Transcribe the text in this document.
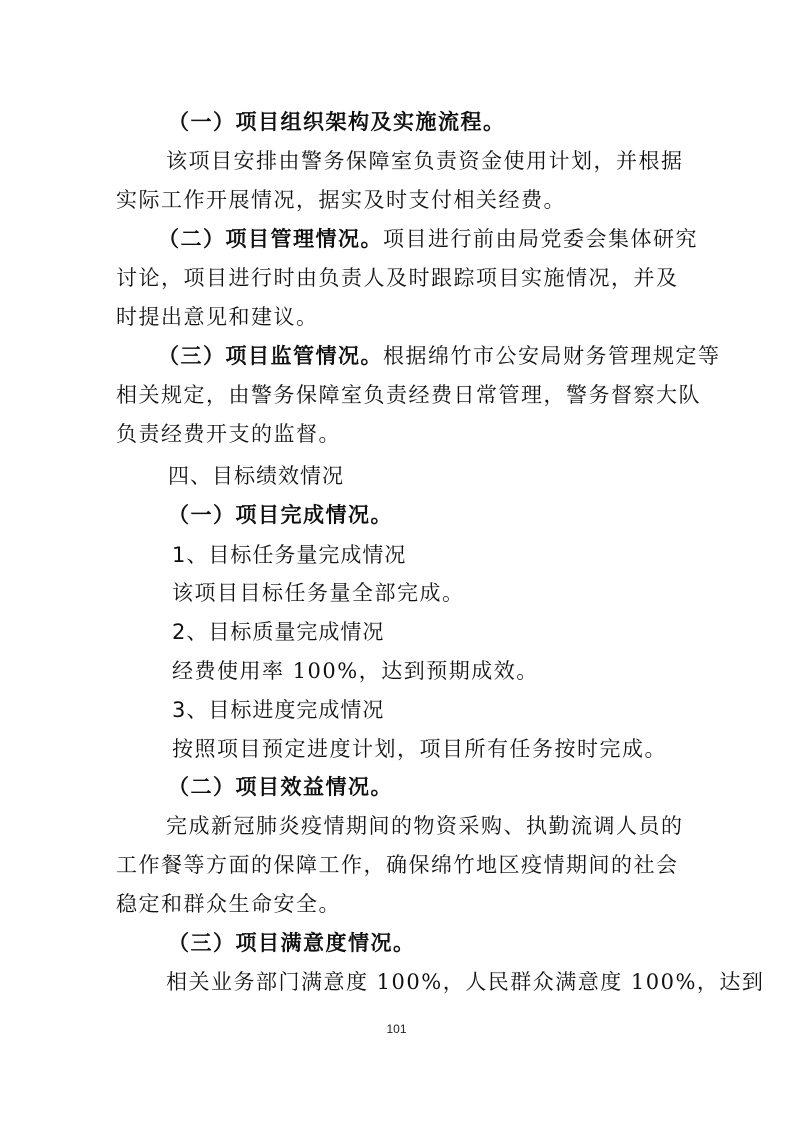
（一）项目组织架构及实施流程。
该项目安排由警务保障室负责资金使用计划，并根据
实际工作开展情况，据实及时支付相关经费。
（二）项目管理情况。项目进行前由局党委会集体研究
讨论，项目进行时由负责人及时跟踪项目实施情况，并及
时提出意见和建议。
（三）项目监管情况。根据绵竹市公安局财务管理规定等
相关规定，由警务保障室负责经费日常管理，警务督察大队
负责经费开支的监督。
四、目标绩效情况
（一）项目完成情况。
1、目标任务量完成情况
该项目目标任务量全部完成。
2、目标质量完成情况
经费使用率 100%，达到预期成效。
3、目标进度完成情况
按照项目预定进度计划，项目所有任务按时完成。
（二）项目效益情况。
完成新冠肺炎疫情期间的物资采购、执勤流调人员的
工作餐等方面的保障工作，确保绵竹地区疫情期间的社会
稳定和群众生命安全。
（三）项目满意度情况。
相关业务部门满意度 100%，人民群众满意度 100%，达到
101
